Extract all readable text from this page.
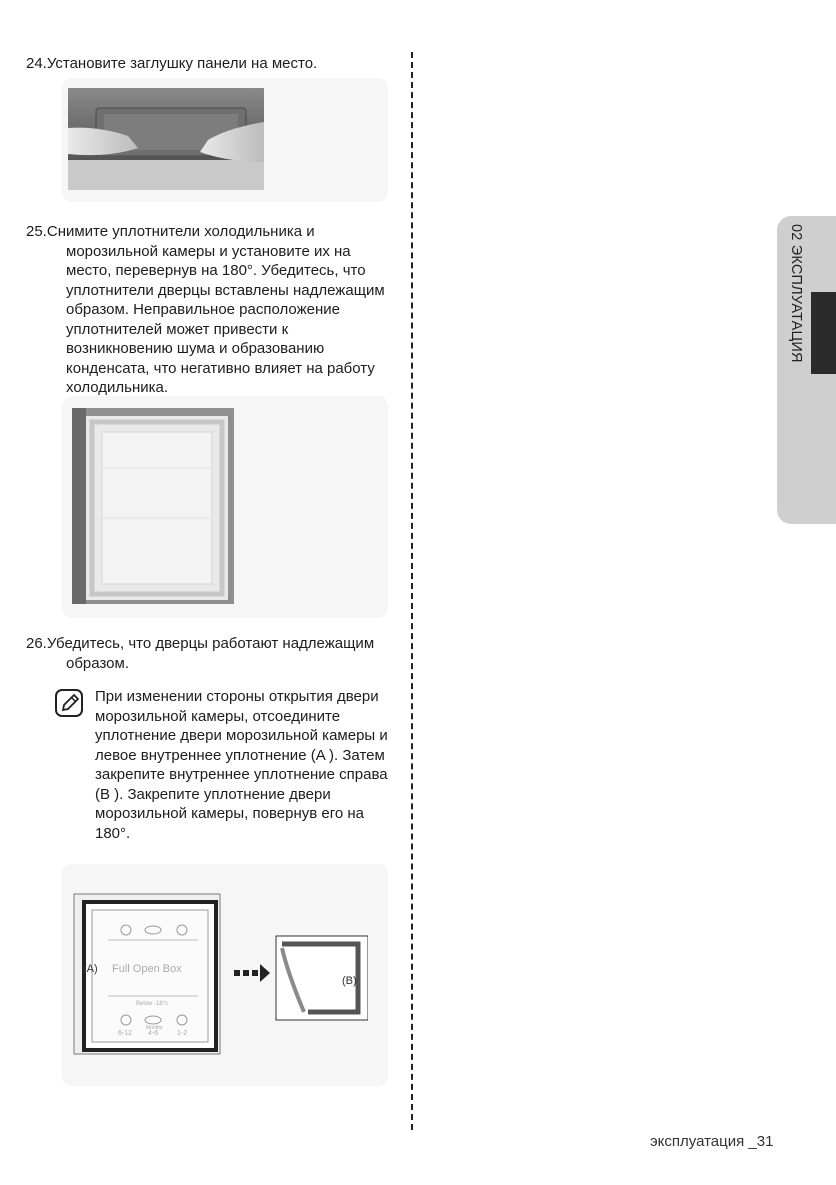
24.Установите заглушку панели на место.

25.Снимите уплотнители холодильника и морозильной камеры и установите их на место, перевернув на 180°. Убедитесь, что уплотнители дверцы вставлены надлежащим образом. Неправильное расположение уплотнителей может привести к возникновению шума и образованию конденсата, что негативно влияет на работу холодильника.

26.Убедитесь, что дверцы работают надлежащим образом.

При изменении стороны открытия двери морозильной камеры, отсоедините уплотнение двери морозильной камеры и левое внутреннее уплотнение (A ). Затем закрепите внутреннее уплотнение справа (B ). Закрепите уплотнение двери морозильной камеры, повернув его на 180°.

(A) Full Open Box
Below -18°c
Months
6-12 4-6	1-2
(B)
02 ЭКСПЛУАТАЦИЯ
эксплуатация _31
